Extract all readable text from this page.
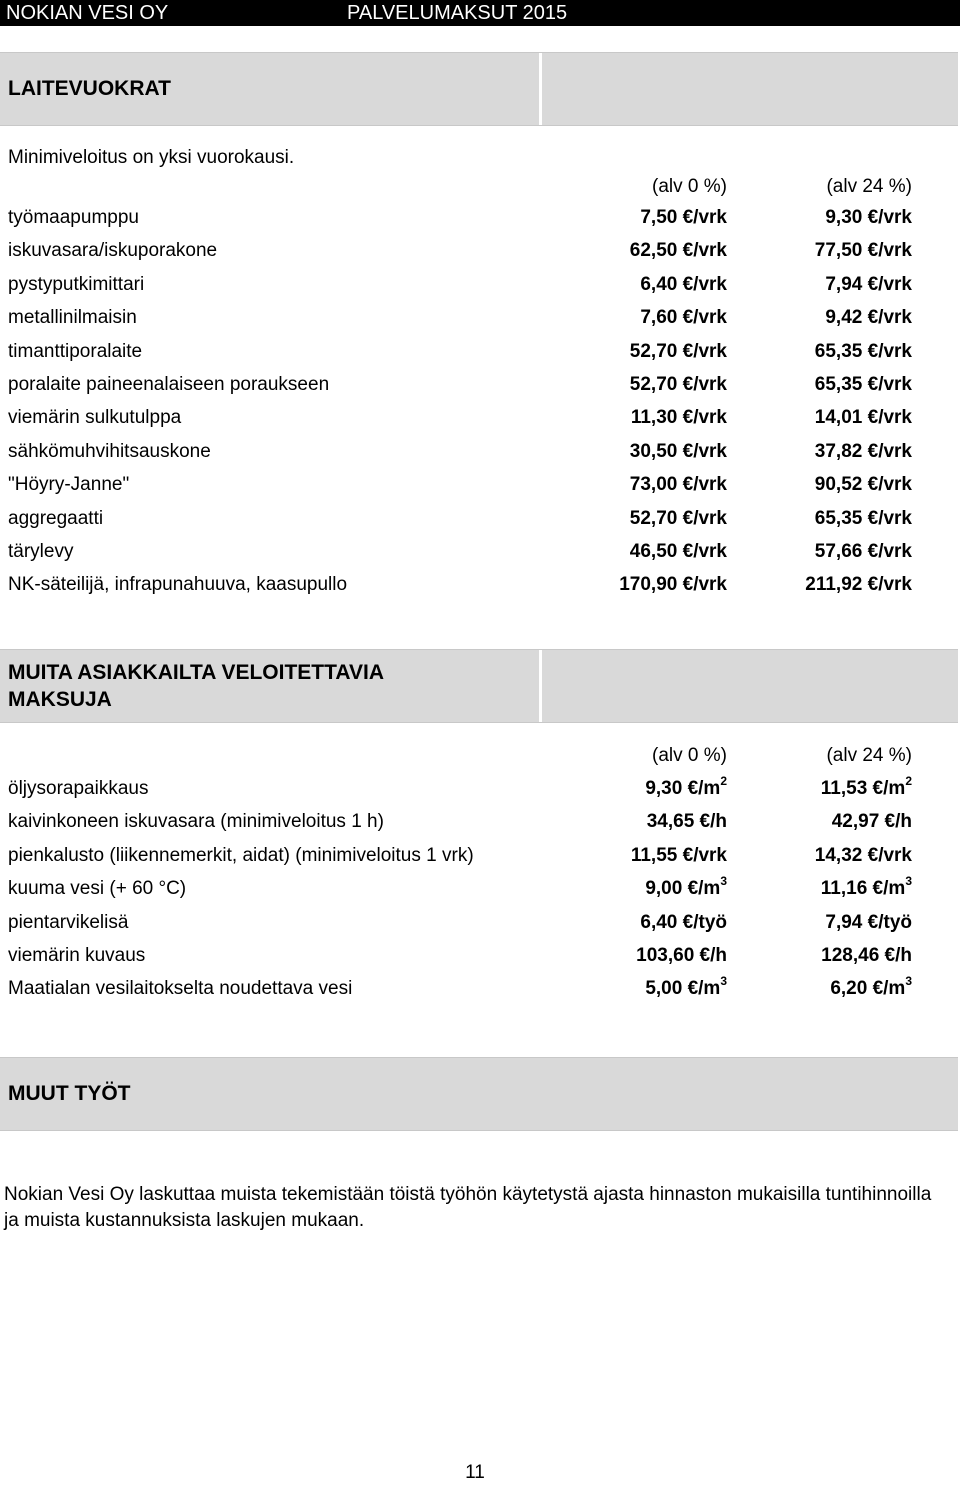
NOKIAN VESI OY	PALVELUMAKSUT 2015
LAITEVUOKRAT
Minimiveloitus on yksi vuorokausi.
(alv 0 %)	(alv 24 %)
työmaapumppu	7,50 €/vrk	9,30 €/vrk
iskuvasara/iskuporakone	62,50 €/vrk	77,50 €/vrk
pystyputkimittari	6,40 €/vrk	7,94 €/vrk
metallinilmaisin	7,60 €/vrk	9,42 €/vrk
timanttiporalaite	52,70 €/vrk	65,35 €/vrk
poralaite paineenalaiseen poraukseen	52,70 €/vrk	65,35 €/vrk
viemärin sulkutulppa	11,30 €/vrk	14,01 €/vrk
sähkömuhvihitsauskone	30,50 €/vrk	37,82 €/vrk
"Höyry-Janne"	73,00 €/vrk	90,52 €/vrk
aggregaatti	52,70 €/vrk	65,35 €/vrk
tärylevy	46,50 €/vrk	57,66 €/vrk
NK-säteilijä, infrapunahuuva, kaasupullo	170,90 €/vrk	211,92 €/vrk
MUITA ASIAKKAILTA VELOITETTAVIA
MAKSUJA
(alv 0 %)	(alv 24 %)
öljysorapaikkaus	9,30 $€/m^2$	11,53 $€/m^2$
kaivinkoneen iskuvasara (minimiveloitus 1 h)	34,65 €/h	42,97 €/h
pienkalusto (liikennemerkit, aidat) (minimiveloitus 1 vrk)	11,55 €/vrk	14,32 €/vrk
kuuma vesi (+ 60 °C)	9,00 $€/m^3$	11,16 $€/m^3$
pientarvikelisä	6,40 €/työ	7,94 €/työ
viemärin kuvaus	103,60 €/h	128,46 €/h
Maatialan vesilaitokselta noudettava vesi	5,00 $€/m^3$	6,20 $€/m^3$
MUUT TYÖT
Nokian Vesi Oy laskuttaa muista tekemistään töistä työhön käytetystä ajasta hinnaston mukaisilla tuntihinnoilla ja muista kustannuksista laskujen mukaan.
11
